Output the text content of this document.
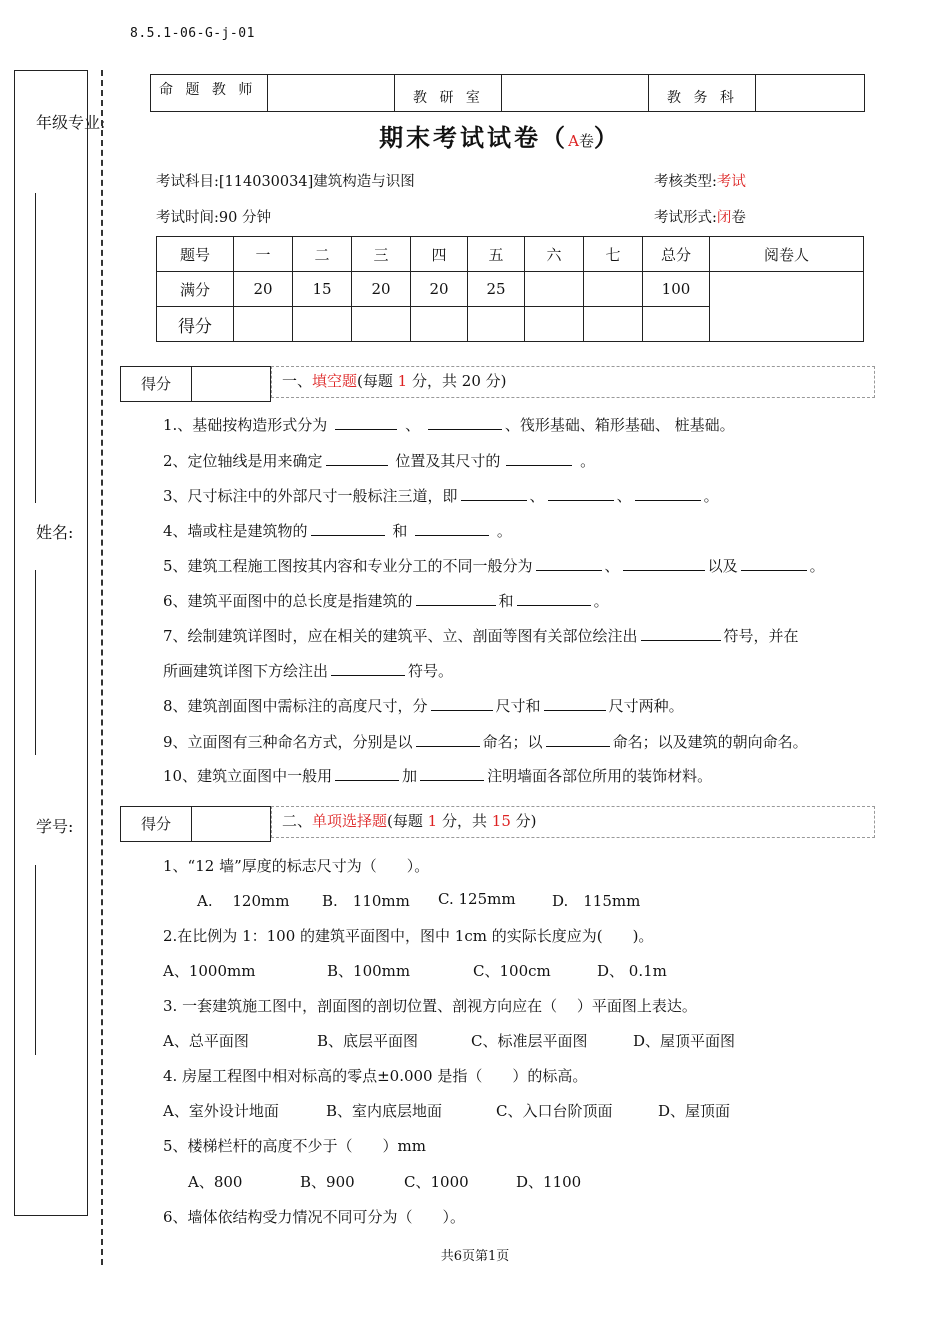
8.5.1-06-G-j-01
年级专业:
姓名:
学号:
命 题 教 师		教 研 室		教 务 科	
期末考试试卷（A卷）
考试科目:[114030034]建筑构造与识图	考核类型:考试
考试时间:90 分钟	考试形式:闭卷
题号	一	二	三	四	五	六	七	总分	阅卷人
满分	20	15	20	20	25			100	
得分									
得分	一、填空题(每题 1 分，共 20 分)
1.、基础按构造形式分为	、	、筏形基础、箱形基础、 桩基础。
2、定位轴线是用来确定	位置及其尺寸的	。
3、尺寸标注中的外部尺寸一般标注三道，即	、	、	。
4、墙或柱是建筑物的	和	。
5、建筑工程施工图按其内容和专业分工的不同一般分为	、	以及	。
6、建筑平面图中的总长度是指建筑的	和	。
7、绘制建筑详图时，应在相关的建筑平、立、剖面等图有关部位绘注出	符号，并在
所画建筑详图下方绘注出	符号。
8、建筑剖面图中需标注的高度尺寸，分	尺寸和	尺寸两种。
9、立面图有三种命名方式，分别是以	命名；以	命名；以及建筑的朝向命名。
10、建筑立面图中一般用	加	注明墙面各部位所用的装饰材料。
得分	二、单项选择题(每题 1 分，共 15 分)
1、“12 墙”厚度的标志尺寸为（　　）。
A.　 120mm B.　110mm C. 125mm D.　115mm
2.在比例为 1：100 的建筑平面图中，图中 1cm 的实际长度应为(　　)。
A、1000mm	B、100mm	C、100cm	D、 0.1m
3. 一套建筑施工图中，剖面图的剖切位置、剖视方向应在（　 ）平面图上表达。
A、总平面图	B、底层平面图	C、标准层平面图	D、屋顶平面图
4. 房屋工程图中相对标高的零点±0.000 是指（　　）的标高。
A、室外设计地面	B、室内底层地面	C、入口台阶顶面	D、屋顶面
5、楼梯栏杆的高度不少于（　　）mm
A、800	B、900	C、1000	D、1100
6、墙体依结构受力情况不同可分为（　　）。
共6页第1页
